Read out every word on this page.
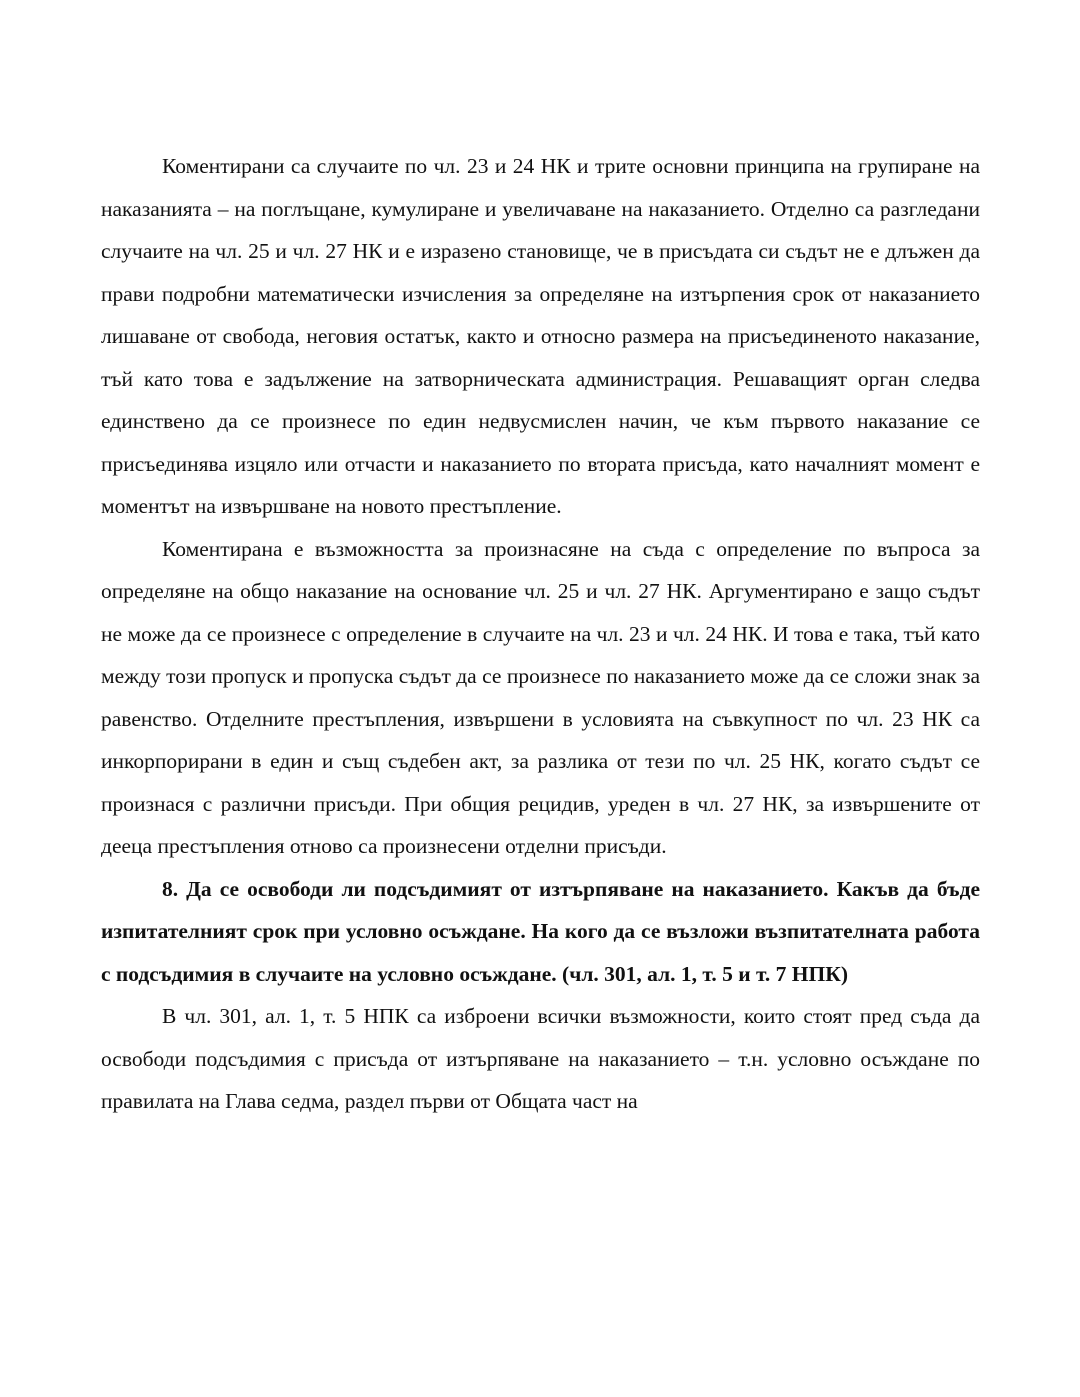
Коментирани са случаите по чл. 23 и 24 НК и трите основни принципа на групиране на наказанията – на поглъщане, кумулиране и увеличаване на наказанието. Отделно са разгледани случаите на чл. 25 и чл. 27 НК и е изразено становище, че в присъдата си съдът не е длъжен да прави подробни математически изчисления за определяне на изтърпения срок от наказанието лишаване от свобода, неговия остатък, както и относно размера на присъединеното наказание, тъй като това е задължение на затворническата администрация. Решаващият орган следва единствено да се произнесе по един недвусмислен начин, че към първото наказание се присъединява изцяло или отчасти и наказанието по втората присъда, като началният момент е моментът на извършване на новото престъпление.

Коментирана е възможността за произнасяне на съда с определение по въпроса за определяне на общо наказание на основание чл. 25 и чл. 27 НК. Аргументирано е защо съдът не може да се произнесе с определение в случаите на чл. 23 и чл. 24 НК. И това е така, тъй като между този пропуск и пропуска съдът да се произнесе по наказанието може да се сложи знак за равенство. Отделните престъпления, извършени в условията на съвкупност по чл. 23 НК са инкорпорирани в един и същ съдебен акт, за разлика от тези по чл. 25 НК, когато съдът се произнася с различни присъди. При общия рецидив, уреден в чл. 27 НК, за извършените от дееца престъпления отново са произнесени отделни присъди.

8. Да се освободи ли подсъдимият от изтърпяване на наказанието. Какъв да бъде изпитателният срок при условно осъждане. На кого да се възложи възпитателната работа с подсъдимия в случаите на условно осъждане. (чл. 301, ал. 1, т. 5 и т. 7 НПК)

В чл. 301, ал. 1, т. 5 НПК са изброени всички възможности, които стоят пред съда да освободи подсъдимия с присъда от изтърпяване на наказанието – т.н. условно осъждане по правилата на Глава седма, раздел първи от Общата част на
